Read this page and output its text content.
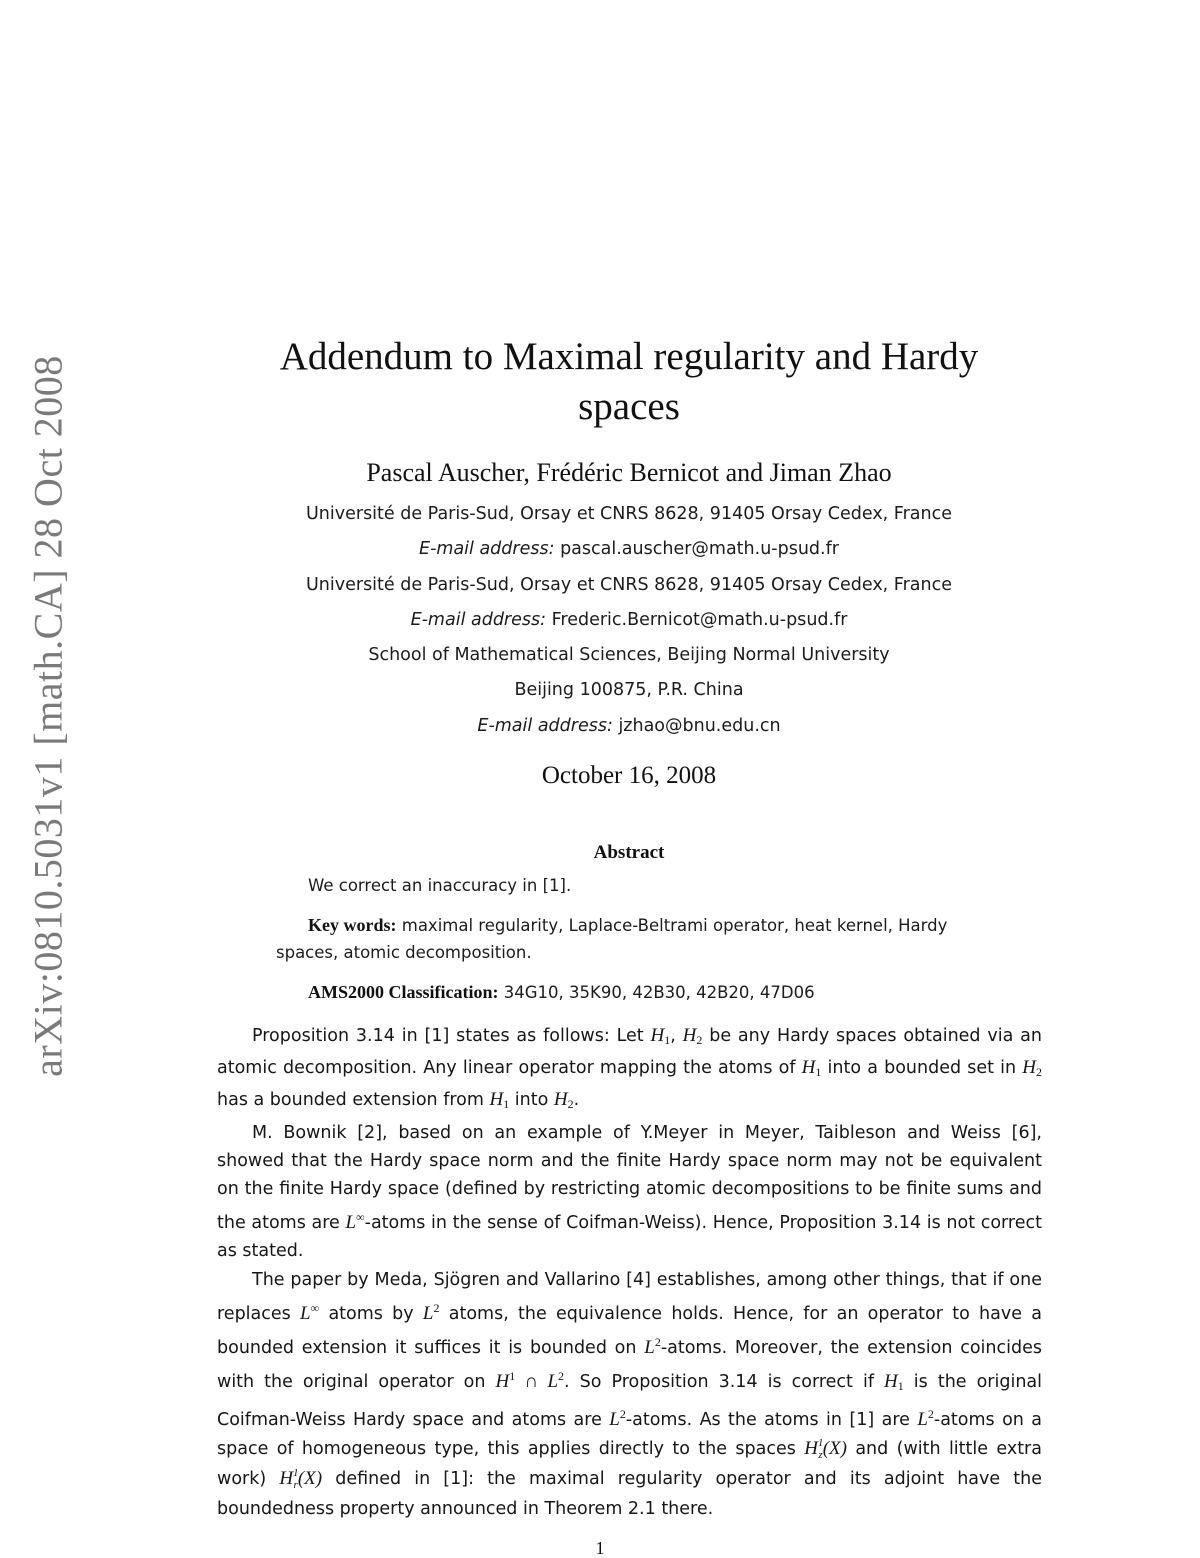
arXiv:0810.5031v1 [math.CA] 28 Oct 2008	Addendum to Maximal regularity and Hardy
spaces
Pascal Auscher, Frédéric Bernicot and Jiman Zhao
Université de Paris-Sud, Orsay et CNRS 8628, 91405 Orsay Cedex, France
E-mail address: pascal.auscher@math.u-psud.fr
Université de Paris-Sud, Orsay et CNRS 8628, 91405 Orsay Cedex, France
E-mail address: Frederic.Bernicot@math.u-psud.fr
School of Mathematical Sciences, Beijing Normal University
Beijing 100875, P.R. China
E-mail address: jzhao@bnu.edu.cn
October 16, 2008
Abstract

We correct an inaccuracy in [1].

Key words: maximal regularity, Laplace-Beltrami operator, heat kernel, Hardy spaces, atomic decomposition.

AMS2000 Classification: 34G10, 35K90, 42B30, 42B20, 47D06

Proposition 3.14 in [1] states as follows: Let $H_1$, $H_2$ be any Hardy spaces obtained via an atomic decomposition. Any linear operator mapping the atoms of $H_1$ into a bounded set in $H_2$ has a bounded extension from $H_1$ into $H_2$.

M. Bownik [2], based on an example of Y.Meyer in Meyer, Taibleson and Weiss [6], showed that the Hardy space norm and the finite Hardy space norm may not be equivalent on the finite Hardy space (defined by restricting atomic decompositions to be finite sums and the atoms are L∞-atoms in the sense of Coifman-Weiss). Hence, Proposition 3.14 is not correct as stated.

The paper by Meda, Sjögren and Vallarino [4] establishes, among other things, that if one replaces L∞ atoms by $L^2$ atoms, the equivalence holds. Hence, for an operator to have a bounded extension it suffices it is bounded on $L^2$-atoms. Moreover, the extension coincides with the original operator on $H^1$ ∩ $L^2$. So Proposition 3.14 is correct if $H_1$ is the original Coifman-Weiss Hardy space and atoms are $L^2$-atoms. As the atoms in [1] are $L^2$-atoms on a space of homogeneous type, this applies directly to the spaces $H^1_z(X)$ and (with little extra work) $H^1_r(X)$ defined in [1]: the maximal regularity operator and its adjoint have the boundedness property announced in Theorem 2.1 there.

1
